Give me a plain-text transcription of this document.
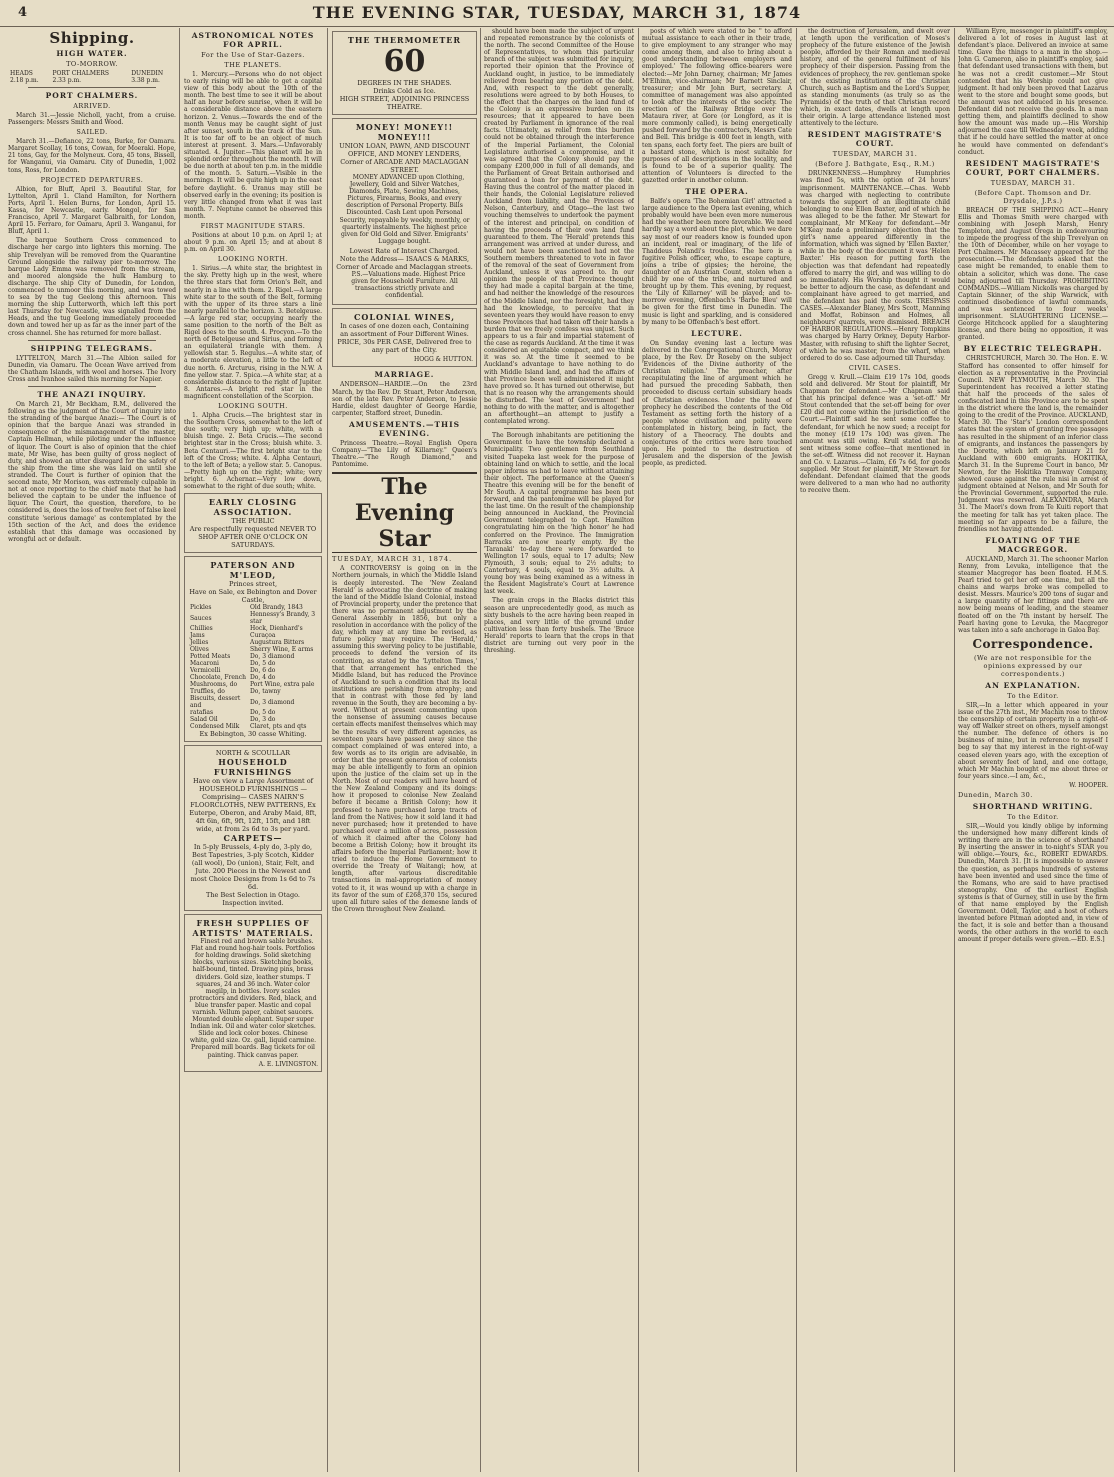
4	THE EVENING STAR, TUESDAY, MARCH 31, 1874
Shipping.
HIGH WATER.
TO-MORROW.
HEADS	PORT CHALMERS	DUNEDIN
2.18 p.m.	2.33 p.m.	3.38 p.m.
PORT CHALMERS.
ARRIVED.

March 31.—Jessie Nicholl, yacht, from a cruise. Passengers: Messrs Smith and Wood.

SAILED.

March 31.—Defiance, 22 tons, Burke, for Oamaru. Margaret Scollay, 16 tons, Cowan, for Moeraki. Hope, 21 tons, Gay, for the Molyneux. Cora, 45 tons, Bissell, for Wanganui, via Oamaru. City of Dunedin, 1,002 tons, Ross, for London.

PROJECTED DEPARTURES.

Albion, for Bluff, April 3. Beautiful Star, for Lyttelton, April 1. Cland Hamilton, for Northern Ports, April 1. Helen Burns, for London, April 15. Kassa, for Newcastle, early. Mongol, for San Francisco, April 7. Margaret Galbraith, for London, April 15. Ferraro, for Oamaru, April 3. Wanganui, for Bluff, April 1.

The barque Southern Cross commenced to discharge her cargo into lighters this morning. The ship Trevelyan will be removed from the Quarantine Ground alongside the railway pier to-morrow. The barque Lady Emma was removed from the stream, and moored alongside the hulk Hamburg to discharge. The ship City of Dunedin, for London, commenced to unmoor this morning, and was towed to sea by the tug Geelong this afternoon. This morning the ship Lutterworth, which left this port last Thursday for Newcastle, was signalled from the Heads, and the tug Geelong immediately proceeded down and towed her up as far as the inner part of the cross channel. She has returned for more ballast.

SHIPPING TELEGRAMS.

LYTTELTON, March 31.—The Albion sailed for Dunedin, via Oamaru. The Ocean Wave arrived from the Chatham Islands, with wool and horses. The Ivory Cross and Ivanhoe sailed this morning for Napier.

THE ANAZI INQUIRY.

On March 21, Mr Beckham, R.M., delivered the following as the judgment of the Court of inquiry into the stranding of the barque Anazi:— The Court is of opinion that the barque Anazi was stranded in consequence of the mismanagement of the master, Captain Hellman, while piloting under the influence of liquor. The Court is also of opinion that the chief mate, Mr Wise, has been guilty of gross neglect of duty, and showed an utter disregard for the safety of the ship from the time she was laid on until she stranded. The Court is further of opinion that the second mate, Mr Morison, was extremely culpable in not at once reporting to the chief mate that he had believed the captain to be under the influence of liquor. The Court, the question, therefore, to be considered is, does the loss of twelve feet of false keel constitute 'serious damage' as contemplated by the 15th section of the Act, and does the evidence establish that this damage was occasioned by wrongful act or default.

ASTRONOMICAL NOTES FOR APRIL.
For the Use of Star-Gazers.
THE PLANETS.

1. Mercury.—Persons who do not object to early rising will be able to get a capital view of this body about the 10th of the month. The best time to see it will be about half an hour before sunrise, when it will be a considerable distance above the eastern horizon. 2. Venus.—Towards the end of the month Venus may be caught sight of just after sunset, south in the track of the Sun. It is too far off to be an object of much interest at present. 3. Mars.—Unfavorably situated. 4. Jupiter.—This planet will be in splendid order throughout the month. It will be due north at about ten p.m. in the middle of the month. 5. Saturn.—Visible in the mornings. It will be quite high up in the east before daylight. 6. Uranus may still be observed early in the evening; its position is very little changed from what it was last month. 7. Neptune cannot be observed this month.

FIRST MAGNITUDE STARS.

Positions at about 10 p.m. on April 1; at about 9 p.m. on April 15; and at about 8 p.m. on April 30.

LOOKING NORTH.

1. Sirius.—A white star, the brightest in the sky. Pretty high up in the west, where the three stars that form Orion's Belt, and nearly in a line with them. 2. Rigel.—A large white star to the south of the Belt, forming with the upper of its three stars a line nearly parallel to the horizon. 3. Betelgeuse.—A large red star, occupying nearly the same position to the north of the Belt as Rigel does to the south. 4. Procyon.—To the north of Betelgeuse and Sirius, and forming an equilateral triangle with them. A yellowish star. 5. Regulus.—A white star, of a moderate elevation, a little to the left of due north. 6. Arcturus, rising in the N.W. A fine yellow star. 7. Spica.—A white star, at a considerable distance to the right of Jupiter. 8. Antares.—A bright red star in the magnificent constellation of the Scorpion.

LOOKING SOUTH.

1. Alpha Crucis.—The brightest star in the Southern Cross, somewhat to the left of due south; very high up; white, with a bluish tinge. 2. Beta Crucis.—The second brightest star in the Cross; bluish white. 3. Beta Centauri.—The first bright star to the left of the Cross; white. 4. Alpha Centauri, to the left of Beta; a yellow star. 5. Canopus.—Pretty high up on the right; white; very bright. 6. Achernar.—Very low down, somewhat to the right of due south; white.

EARLY CLOSING ASSOCIATION.
THE PUBLIC
Are respectfully requested NEVER TO SHOP AFTER ONE O'CLOCK ON SATURDAYS.
PATERSON AND M'LEOD,
Princes street,
Have on Sale, ex Bebington and Dover Castle,
Pickles	Old Brandy, 1843
Sauces	Hennessy's Brandy, 3 star
Chillies	Hock, Dienhard's
Jams	Curaçoa
Jellies	Augustura Bitters
Olives	Sherry Wine, E arms
Potted Meats	Do, 3 diamond
Macaroni	Do, 5 do
Vermicelli	Do, 6 do
Chocolate, French	Do, 4 do
Mushrooms, do	Port Wine, extra pale
Truffles, do	Do, tawny
Biscuits, dessert and	Do, 3 diamond
ratafias	Do, 5 do
Salad Oil	Do, 3 do
Condensed Milk	Claret, pts and qts
Ex Bebington, 30 casse Whiting.
NORTH & SCOULLAR
HOUSEHOLD FURNISHINGS
Have on view a Large Assortment of HOUSEHOLD FURNISHINGS — Comprising— CASES NAIRN'S FLOORCLOTHS, NEW PATTERNS, Ex Euterpe, Oberon, and Araby Maid, 8ft, 4ft 6in, 6ft, 9ft, 12ft, 15ft, and 18ft wide, at from 2s 6d to 3s per yard.
CARPETS—
In 5-ply Brussels, 4-ply do, 3-ply do, Best Tapestries, 3-ply Scotch, Kidder (all wool), Do (union), Stair, Felt, and Jute. 200 Pieces in the Newest and most Choice Designs from 1s 6d to 7s 6d.
The Best Selection in Otago. Inspection invited.
FRESH SUPPLIES OF ARTISTS' MATERIALS.

Finest red and brown sable brushes. Flat and round hog-hair tools. Portfolios for holding drawings. Solid sketching blocks, various sizes. Sketching books, half-bound, tinted. Drawing pins, brass dividers. Gold size, leather stumps. T squares, 24 and 36 inch. Water color megilp, in bottles. Ivory scales protractors and dividers. Red, black, and blue transfer paper. Mastic and copal varnish. Vellum paper, cabinet saucers. Mounted double elephant. Super super Indian ink. Oil and water color sketches. Slide and lock color boxes. Chinese white, gold size. Oz. gall, liquid carmine. Prepared mill boards. Bag tickets for oil painting. Thick canvas paper.

A. E. LIVINGSTON.
THE THERMOMETER
60
DEGREES IN THE SHADES.
Drinks Cold as Ice.
HIGH STREET, ADJOINING PRINCESS THEATRE.
MONEY! MONEY!! MONEY!!!
UNION LOAN, PAWN, AND DISCOUNT OFFICE, AND MONEY LENDERS, Corner of ARCADE AND MACLAGGAN STREET.

MONEY ADVANCED upon Clothing, Jewellery, Gold and Silver Watches, Diamonds, Plate, Sewing Machines, Pictures, Firearms, Books, and every description of Personal Property. Bills Discounted. Cash Lent upon Personal Security, repayable by weekly, monthly, or quarterly instalments. The highest price given for Old Gold and Silver. Emigrants' Luggage bought.

Lowest Rate of Interest Charged.
Note the Address— ISAACS & MARKS, Corner of Arcade and Maclaggan streets.

P.S.—Valuations made. Highest Price given for Household Furniture. All transactions strictly private and confidential.

COLONIAL WINES,
In cases of one dozen each, Containing an assortment of Four Different Wines. PRICE, 30s PER CASE, Delivered free to any part of the City.
HOGG & HUTTON.
MARRIAGE.

ANDERSON—HARDIE.—On the 23rd March, by the Rev. Dr. Stuart, Peter Anderson, son of the late Rev. Peter Anderson, to Jessie Hardie, eldest daughter of George Hardie, carpenter, Stafford street, Dunedin.

AMUSEMENTS.—THIS EVENING.

Princess Theatre.—Royal English Opera Company—"The Lily of Killarney." Queen's Theatre.—"The Rough Diamond," and Pantomime.

The Evening Star
TUESDAY, MARCH 31, 1874.

A CONTROVERSY is going on in the Northern journals, in which the Middle Island is deeply interested. The 'New Zealand Herald' is advocating the doctrine of making the land of the Middle Island Colonial, instead of Provincial property, under the pretence that there was no permanent adjustment by the General Assembly in 1856, but only a resolution in accordance with the policy of the day, which may at any time be revised, as future policy may require. The 'Herald,' assuming this swerving policy to be justifiable, proceeds to defend the version of its contrition, as stated by the 'Lyttelton Times,' that that arrangement has enriched the Middle Island, but has reduced the Province of Auckland to such a condition that its local institutions are perishing from atrophy; and that in contrast with those fed by land revenue in the South, they are becoming a by-word. Without at present commenting upon the nonsense of assuming causes because certain effects manifest themselves which may be the results of very different agencies, as seventeen years have passed away since the compact complained of was entered into, a few words as to its origin are advisable, in order that the present generation of colonists may be able intelligently to form an opinion upon the justice of the claim set up in the North. Most of our readers will have heard of the New Zealand Company and its doings: how it proposed to colonise New Zealand before it became a British Colony; how it professed to have purchased large tracts of land from the Natives; how it sold land it had never purchased; how it pretended to have purchased over a million of acres, possession of which it claimed after the Colony had become a British Colony; how it brought its affairs before the Imperial Parliament; how it tried to induce the Home Government to override the Treaty of Waitangi; how, at length, after various discreditable transactions in mal-appropriation of money voted to it, it was wound up with a charge in its favor of the sum of £268,370 15s, secured upon all future sales of the demesne lands of the Crown throughout New Zealand.

should have been made the subject of urgent and repeated remonstrance by the colonists of the north. The second Committee of the House of Representatives, to whom this particular branch of the subject was submitted for inquiry, reported their opinion that the Province of Auckland ought, in justice, to be immediately relieved from bearing any portion of the debt. And, with respect to the debt generally, resolutions were agreed to by both Houses, to the effect that the charges on the land fund of the Colony is an expressive burden on its resources; that it appeared to have been created by Parliament in ignorance of the real facts. Ultimately, as relief from this burden could not be obtained through the interference of the Imperial Parliament, the Colonial Legislature authorised a compromise, and it was agreed that the Colony should pay the company £200,000 in full of all demands, and the Parliament of Great Britain authorised and guaranteed a loan for payment of the debt. Having thus the control of the matter placed in their hands, the Colonial Legislature relieved Auckland from liability, and the Provinces of Nelson, Canterbury, and Otago—the last two vouching themselves to undertook the payment of the interest and principal, on condition of having the proceeds of their own land fund guaranteed to them. The 'Herald' pretends this arrangement was arrived at under duress, and would not have been sanctioned had not the Southern members threatened to vote in favor of the removal of the seat of Government from Auckland, unless it was agreed to. In our opinion the people of that Province thought they had made a capital bargain at the time, and had neither the knowledge of the resources of the Middle Island, nor the foresight, had they had the knowledge, to perceive that in seventeen years they would have reason to envy those Provinces that had taken off their hands a burden that we freely confess was unjust. Such appears to us a fair and impartial statement of the case as regards Auckland. At the time it was considered an equitable compact, and we think it was so. At the time it seemed to be Auckland's advantage to have nothing to do with Middle Island land, and had the affairs of that Province been well administered it might have proved so. It has turned out otherwise, but that is no reason why the arrangements should be disturbed. The 'seat of Government' had nothing to do with the matter, and is altogether an afterthought—an attempt to justify a contemplated wrong.

The Borough inhabitants are petitioning the Government to have the township declared a Municipality. Two gentlemen from Southland visited Tuapeka last week for the purpose of obtaining land on which to settle, and the local paper informs us had to leave without attaining their object. The performance at the Queen's Theatre this evening will be for the benefit of Mr South. A capital programme has been put forward, and the pantomime will be played for the last time. On the result of the championship being announced in Auckland, the Provincial Government telegraphed to Capt. Hamilton congratulating him on the 'high honor' he had conferred on the Province. The Immigration Barracks are now nearly empty. By the 'Taranaki' to-day there were forwarded to Wellington 17 souls, equal to 17 adults; New Plymouth, 3 souls; equal to 2½ adults; to Canterbury, 4 souls, equal to 3½ adults. A young boy was being examined as a witness in the Resident Magistrate's Court at Lawrence last week.

The grain crops in the Blacks district this season are unprecedentedly good, as much as sixty bushels to the acre having been reaped in places, and very little of the ground under cultivation less than forty bushels. The 'Bruce Herald' reports to learn that the crops in that district are turning out very poor in the threshing.

posts of which were stated to be '' to afford mutual assistance to each other in their trade, to give employment to any stranger who may come among them, and also to bring about a good understanding between employers and employed.' The following office-bearers were elected:—Mr John Darney, chairman; Mr James M'Elhinn, vice-chairman; Mr Barnett Sinclair, treasurer; and Mr John Burt, secretary. A committee of management was also appointed to look after the interests of the society. The erection of the Railway Bridge over the Mataura river, at Gore (or Longford, as it is more commonly called), is being energetically pushed forward by the contractors, Messrs Cate and Bell. This bridge is 400 feet in length, with ten spans, each forty feet. The piers are built of a bastard stone, which is most suitable for purposes of all descriptions in the locality, and is found to be of a superior quality. The attention of Volunteers is directed to the gazetted order in another column.

THE OPERA.

Balfe's opera 'The Bohemian Girl' attracted a large audience to the Opera last evening, which probably would have been even more numerous had the weather been more favorable. We need hardly say a word about the plot, which we dare say most of our readers know is founded upon an incident, real or imaginary, of the life of Thaddeus Polandi's troubles. The hero is a fugitive Polish officer, who, to escape capture, joins a tribe of gipsies; the heroine, the daughter of an Austrian Count, stolen when a child by one of the tribe, and nurtured and brought up by them. This evening, by request, the 'Lily of Killarney' will be played; and to-morrow evening, Offenbach's 'Barbe Bleu' will be given for the first time in Dunedin. The music is light and sparkling, and is considered by many to be Offenbach's best effort.

LECTURE.

On Sunday evening last a lecture was delivered in the Congregational Church, Moray place, by the Rev. Dr Roseby on the subject 'Evidences of the Divine authority of the Christian religion.' The preacher, after recapitulating the line of argument which he had pursued the preceding Sabbath, then proceeded to discuss certain subsidiary heads of Christian evidences. Under the head of prophecy he described the contents of the Old Testament as setting forth the history of a people whose civilisation and polity were contemplated in history, being, in fact, the history of a Theocracy. The doubts and conjectures of the critics were here touched upon. He pointed to the destruction of Jerusalem and the dispersion of the Jewish people, as predicted.

the destruction of Jerusalem, and dwelt over at length upon the verification of Moses's prophecy of the future existence of the Jewish people, afforded by their Roman and medieval history, and of the general fulfilment of his prophecy of their dispersion. Passing from the evidences of prophecy, the rev. gentleman spoke of the existing institutions of the Christian Church, such as Baptism and the Lord's Supper, as standing monuments (as truly so as the Pyramids) of the truth of that Christian record which, in exact dates, dwells at length upon their origin. A large attendance listened most attentively to the lecture.

RESIDENT MAGISTRATE'S COURT.
TUESDAY, MARCH 31.
(Before J. Bathgate, Esq., R.M.)

DRUNKENNESS.—Humphrey Humphries was fined 5s, with the option of 24 hours' imprisonment. MAINTENANCE.—Chas. Webb was charged with neglecting to contribute towards the support of an illegitimate child belonging to one Ellen Baxter, and of which he was alleged to be the father. Mr Stewart for complainant, Mr M'Keay for defendant.—Mr M'Keay made a preliminary objection that the girl's name appeared differently in the information, which was signed by 'Ellen Baxter,' while in the body of the document it was 'Helen Baxter.' His reason for putting forth the objection was that defendant had repeatedly offered to marry the girl, and was willing to do so immediately. His Worship thought it would be better to adjourn the case, as defendant and complainant have agreed to get married, and the defendant has paid the costs. TRESPASS CASES.—Alexander Blaney, Mrs Scott, Manning and Moffat, Robinson and Holmes, all neighbours' quarrels, were dismissed. BREACH OF HARBOR REGULATIONS.—Henry Tompkins was charged by Harry Orkney, Deputy Harbor-Master, with refusing to shift the lighter Secret, of which he was master, from the wharf, when ordered to do so. Case adjourned till Thursday.

CIVIL CASES.

Gregg v. Krull.—Claim £19 17s 10d, goods sold and delivered. Mr Stout for plaintiff, Mr Chapman for defendant.—Mr Chapman said that his principal defence was a 'set-off.' Mr Stout contended that the set-off being for over £20 did not come within the jurisdiction of the Court.—Plaintiff said he sent some coffee to defendant, for which he now sued; a receipt for the money (£19 17s 10d) was given. The amount was still owing. Krull stated that he sent witness some coffee—that mentioned in the set-off. Witness did not recover it. Haynan and Co. v. Lazarus.—Claim, £6 7s 6d, for goods supplied. Mr Stout for plaintiff, Mr Stewart for defendant. Defendant claimed that the goods were delivered to a man who had no authority to receive them.

William Eyre, messenger in plaintiff's employ, delivered a lot of roses in August last at defendant's place. Delivered an invoice at same time. Gave the things to a man in the shop.—John G. Cameron, also in plaintiff's employ, said that defendant used transactions with them, but he was not a credit customer.—Mr Stout contended that his Worship could not give judgment. It had only been proved that Lazarus went to the store and bought some goods, but the amount was not adduced in his presence. Defendant did not receive the goods. In a man getting them, and plaintiffs declined to show how the amount was made up.—His Worship adjourned the case till Wednesday week, adding that if he could have settled the matter at once he would have commented on defendant's conduct.

RESIDENT MAGISTRATE'S COURT, PORT CHALMERS.
TUESDAY, MARCH 31.
(Before Capt. Thomson and Dr. Drysdale, J.P.s.)

BREACH OF THE SHIPPING ACT.—Henry Ellis and Thomas Smith were charged with combining with Joseph Marsh, Henry Templeton, and August Orega in endeavouring to impede the progress of the ship Trevelyan on the 10th of December, while on her voyage to Port Chalmers. Mr Macassey appeared for the prosecution.—The defendants asked that the case might be remanded, to enable them to obtain a solicitor, which was done. The case being adjourned till Thursday. PROHIBITING COMMANDS.—William Nickolls was charged by Captain Skinner, of the ship Warwick, with continued disobedience of lawful commands, and was sentenced to four weeks' imprisonment. SLAUGHTERING LICENSE.—George Hitchcock applied for a slaughtering license, and there being no opposition, it was granted.

BY ELECTRIC TELEGRAPH.

CHRISTCHURCH, March 30. The Hon. E. W. Stafford has consented to offer himself for election as a representative in the Provincial Council. NEW PLYMOUTH, March 30. The Superintendent has received a letter stating that half the proceeds of the sales of confiscated land in this Province are to be spent in the district where the land is, the remainder going to the credit of the Province. AUCKLAND, March 30. The 'Star's' London correspondent states that the system of granting free passages has resulted in the shipment of an inferior class of emigrants, and instances the passengers by the Dorette, which left on January 21 for Auckland with 600 emigrants. HOKITIKA, March 31. In the Supreme Court in banco, Mr Newton, for the Hokitika Tramway Company, showed cause against the rule nisi in arrest of judgment obtained at Nelson, and Mr South for the Provincial Government, supported the rule. Judgment was reserved. ALEXANDRA, March 31. The Maori's down from Te Kuiti report that the meeting for talk has yet taken place. The meeting so far appears to be a failure, the friendlies not having attended.

FLOATING OF THE MACGREGOR.

AUCKLAND, March 31. The schooner Marlon Renny, from Levuka, intelligence that the steamer Macgregor has been floated. H.M.S. Pearl tried to get her off one time, but all the chains and warps broke was compelled to desist. Messrs. Maurice's 200 tons of sugar and a large quantity of her fittings and there are now being means of leading, and the steamer floated off on the 7th instant by herself. The Pearl having gone to Levuka, the Macgregor was taken into a safe anchorage in Galoa Bay.

Correspondence.
(We are not responsible for the opinions expressed by our correspondents.)
AN EXPLANATION.
To the Editor.

SIR,—In a letter which appeared in your issue of the 27th inst., Mr Machin rose to throw the censorship of certain property in a right-of-way off Walker street on others, myself amongst the number. The defence of others is no business of mine, but in reference to myself I beg to say that my interest in the right-of-way ceased eleven years ago, with the exception of about seventy feet of land, and one cottage, which Mr Machin bought of me about three or four years since.—I am, &c.,

W. HOOPER.
Dunedin, March 30.
SHORTHAND WRITING.
To the Editor.

SIR,—Would you kindly oblige by informing the undersigned how many different kinds of writing there are in the science of shorthand? By inserting the answer in to-night's STAR you will oblige.—Yours, &c., ROBERT EDWARDS. Dunedin, March 31. [It is impossible to answer the question, as perhaps hundreds of systems have been invented and used since the time of the Romans, who are said to have practised stenography. One of the earliest English systems is that of Gurney, still in use by the firm of that name employed by the English Government. Odell, Taylor, and a host of others invented before Pitman adopted and, in view of the fact, it is sole and better than a thousand words, the other authors in the world to each amount if proper details were given.—ED. E.S.]
